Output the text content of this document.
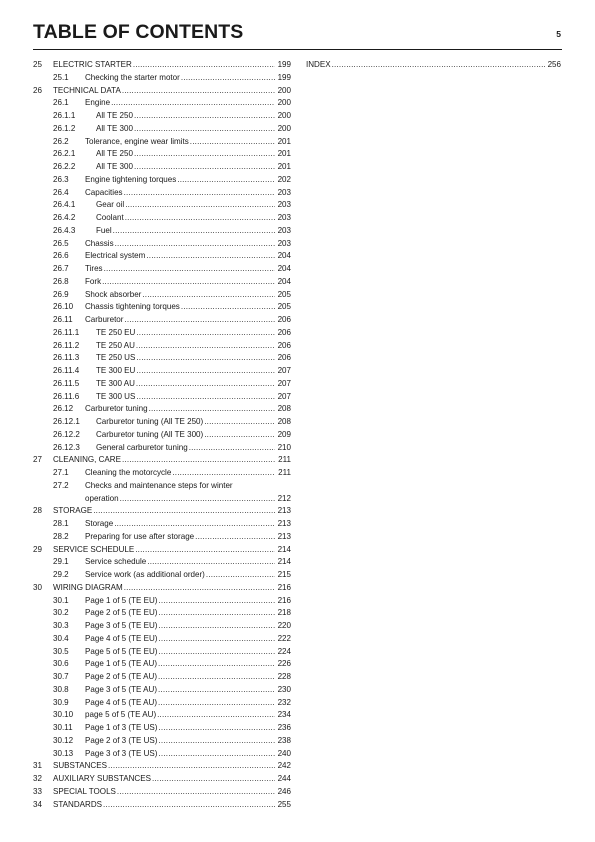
TABLE OF CONTENTS	5
25	ELECTRIC STARTER .....	199
25.1	Checking the starter motor .....	199
26	TECHNICAL DATA .....	200
26.1	Engine .....	200
26.1.1	All TE 250 .....	200
26.1.2	All TE 300 .....	200
26.2	Tolerance, engine wear limits .....	201
26.2.1	All TE 250 .....	201
26.2.2	All TE 300 .....	201
26.3	Engine tightening torques .....	202
26.4	Capacities .....	203
26.4.1	Gear oil .....	203
26.4.2	Coolant .....	203
26.4.3	Fuel .....	203
26.5	Chassis .....	203
26.6	Electrical system .....	204
26.7	Tires .....	204
26.8	Fork .....	204
26.9	Shock absorber .....	205
26.10	Chassis tightening torques .....	205
26.11	Carburetor .....	206
26.11.1	TE 250 EU .....	206
26.11.2	TE 250 AU .....	206
26.11.3	TE 250 US .....	206
26.11.4	TE 300 EU .....	207
26.11.5	TE 300 AU .....	207
26.11.6	TE 300 US .....	207
26.12	Carburetor tuning .....	208
26.12.1	Carburetor tuning (All TE 250) .....	208
26.12.2	Carburetor tuning (All TE 300) .....	209
26.12.3	General carburetor tuning .....	210
27	CLEANING, CARE .....	211
27.1	Cleaning the motorcycle .....	211
27.2	Checks and maintenance steps for winter
operation .....	212
28	STORAGE .....	213
28.1	Storage .....	213
28.2	Preparing for use after storage .....	213
29	SERVICE SCHEDULE .....	214
29.1	Service schedule .....	214
29.2	Service work (as additional order) .....	215
30	WIRING DIAGRAM .....	216
30.1	Page 1 of 5 (TE EU) .....	216
30.2	Page 2 of 5 (TE EU) .....	218
30.3	Page 3 of 5 (TE EU) .....	220
30.4	Page 4 of 5 (TE EU) .....	222
30.5	Page 5 of 5 (TE EU) .....	224
30.6	Page 1 of 5 (TE AU) .....	226
30.7	Page 2 of 5 (TE AU) .....	228
30.8	Page 3 of 5 (TE AU) .....	230
30.9	Page 4 of 5 (TE AU) .....	232
30.10	page 5 of 5 (TE AU) .....	234
30.11	Page 1 of 3 (TE US) .....	236
30.12	Page 2 of 3 (TE US) .....	238
30.13	Page 3 of 3 (TE US) .....	240
31	SUBSTANCES .....	242
32	AUXILIARY SUBSTANCES .....	244
33	SPECIAL TOOLS .....	246
34	STANDARDS .....	255
INDEX .....	256
